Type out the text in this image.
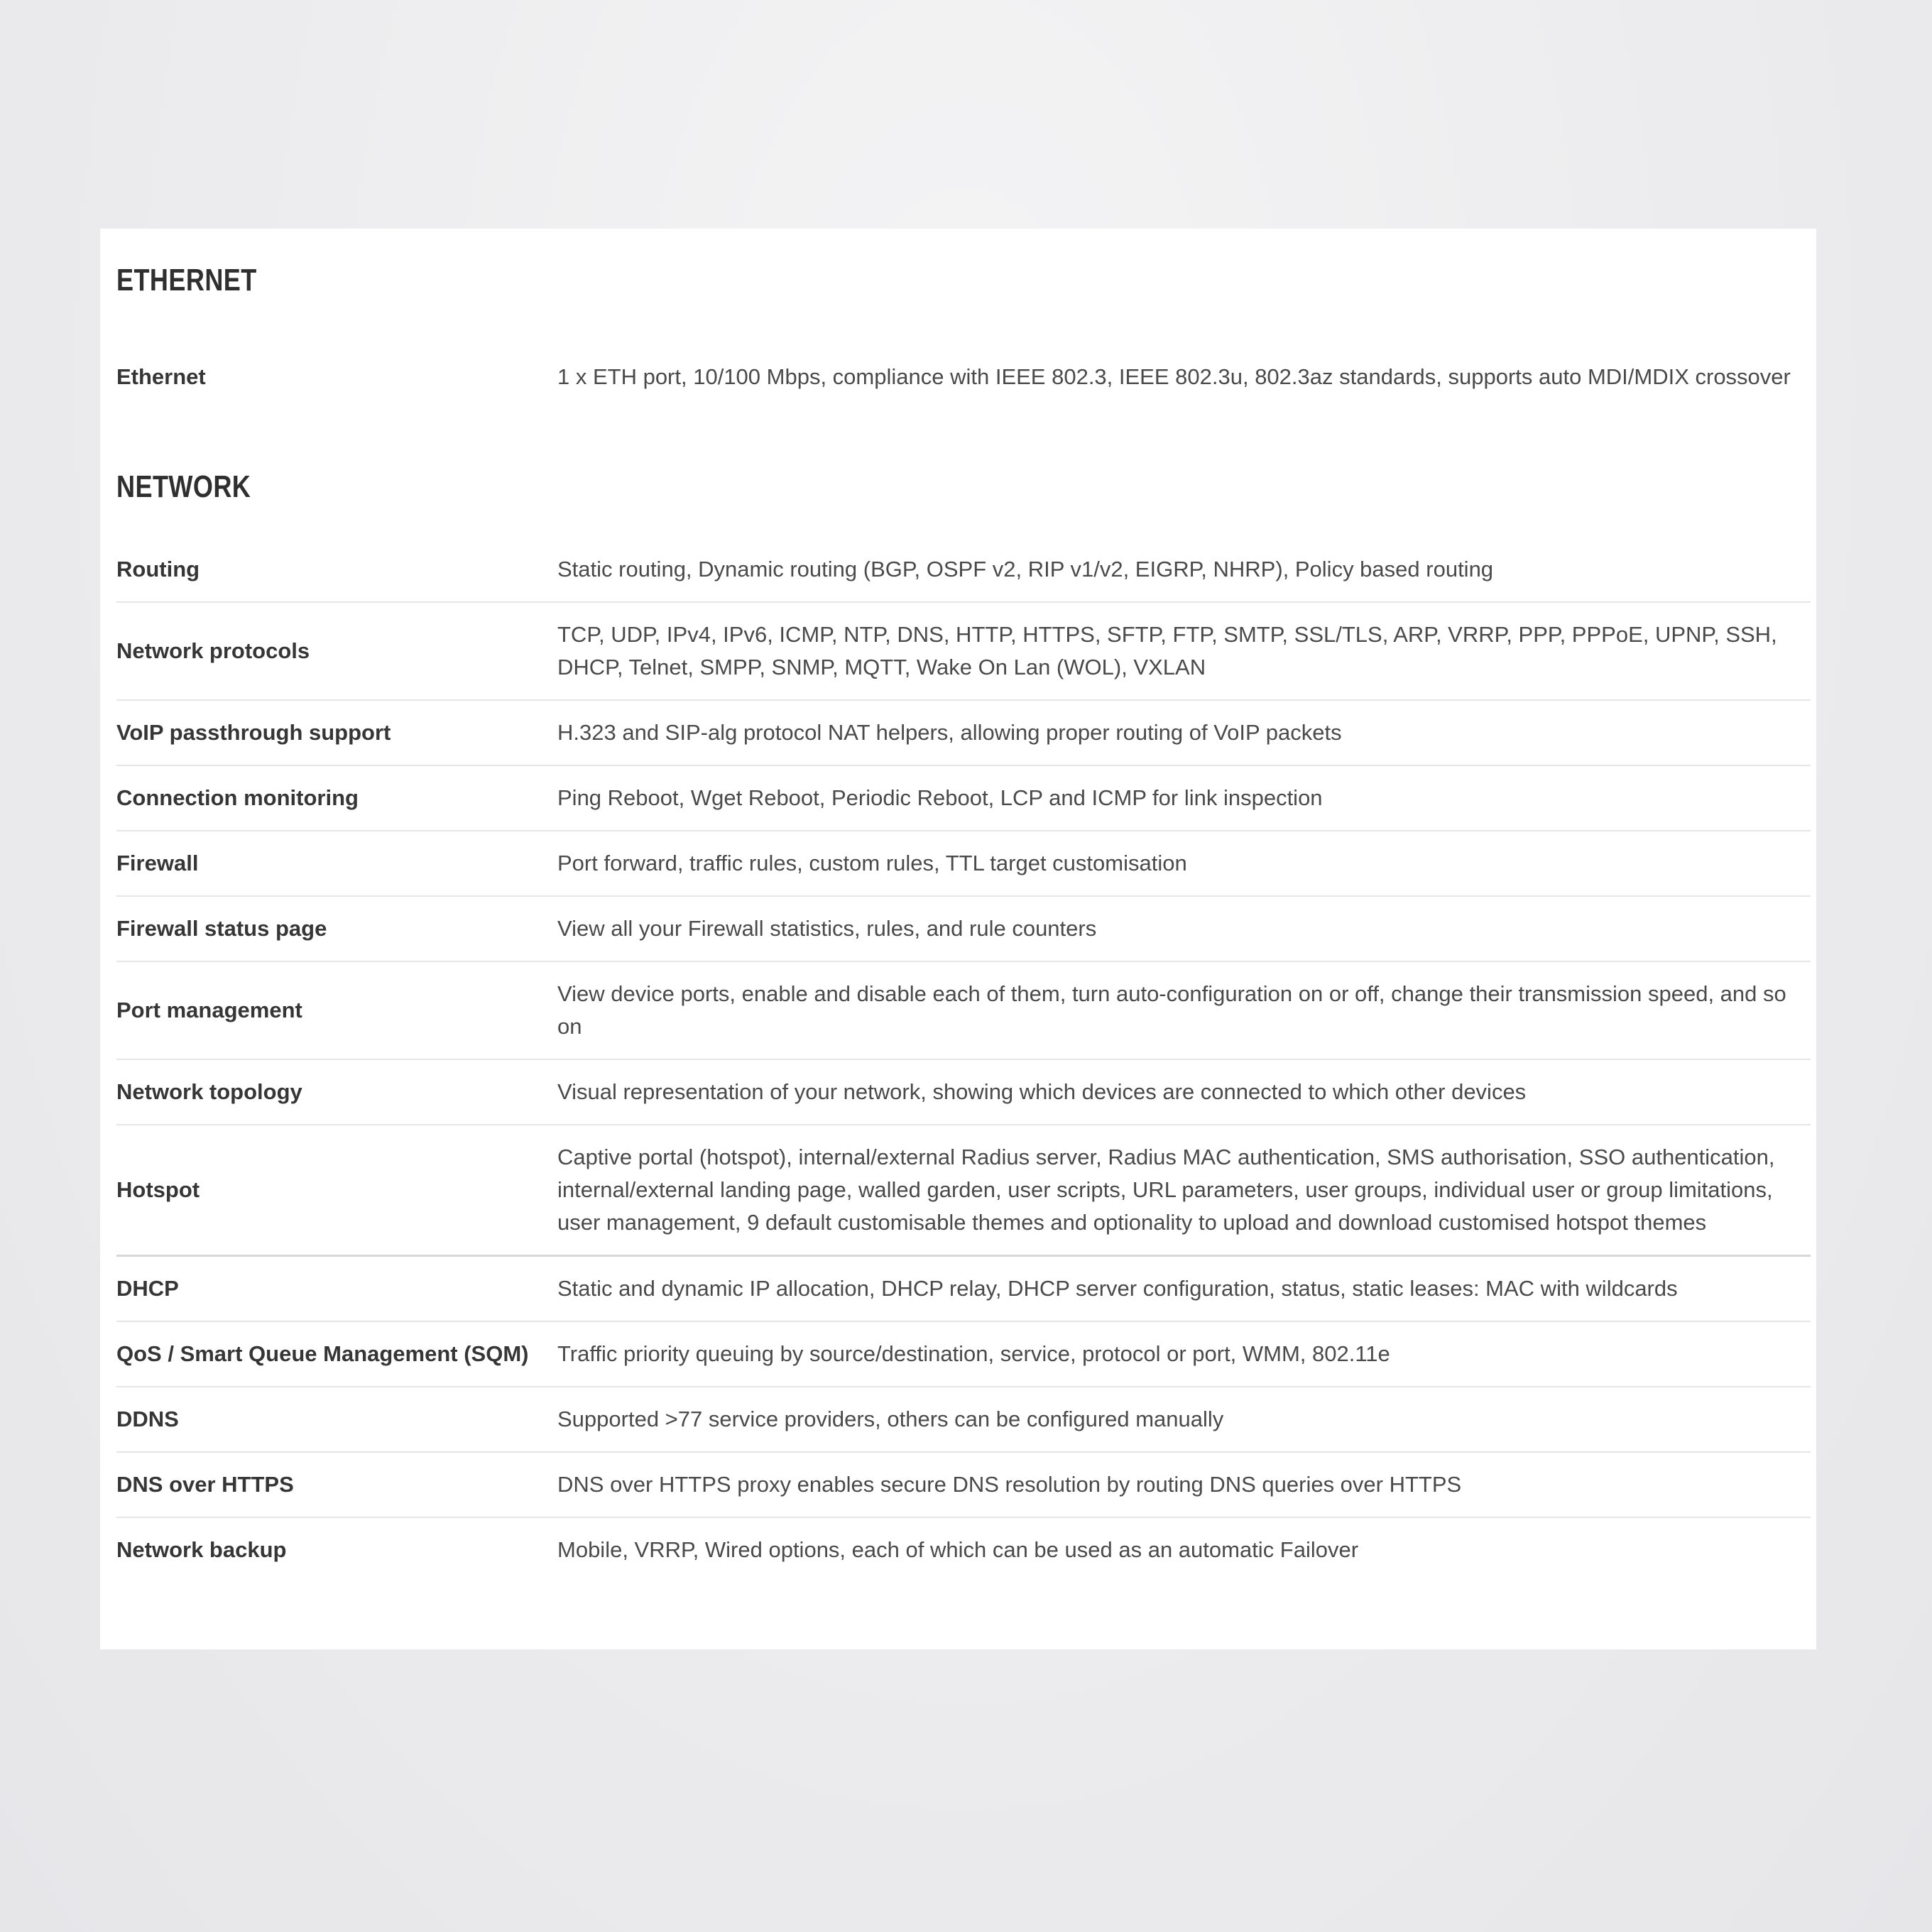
ETHERNET
Ethernet	1 x ETH port, 10/100 Mbps, compliance with IEEE 802.3, IEEE 802.3u, 802.3az standards, supports auto MDI/MDIX crossover
NETWORK
Routing	Static routing, Dynamic routing (BGP, OSPF v2, RIP v1/v2, EIGRP, NHRP), Policy based routing
Network protocols	TCP, UDP, IPv4, IPv6, ICMP, NTP, DNS, HTTP, HTTPS, SFTP, FTP, SMTP, SSL/TLS, ARP, VRRP, PPP, PPPoE, UPNP, SSH, DHCP, Telnet, SMPP, SNMP, MQTT, Wake On Lan (WOL), VXLAN
VoIP passthrough support	H.323 and SIP-alg protocol NAT helpers, allowing proper routing of VoIP packets
Connection monitoring	Ping Reboot, Wget Reboot, Periodic Reboot, LCP and ICMP for link inspection
Firewall	Port forward, traffic rules, custom rules, TTL target customisation
Firewall status page	View all your Firewall statistics, rules, and rule counters
Port management	View device ports, enable and disable each of them, turn auto-configuration on or off, change their transmission speed, and so on
Network topology	Visual representation of your network, showing which devices are connected to which other devices
Hotspot	Captive portal (hotspot), internal/external Radius server, Radius MAC authentication, SMS authorisation, SSO authentication, internal/external landing page, walled garden, user scripts, URL parameters, user groups, individual user or group limitations, user management, 9 default customisable themes and optionality to upload and download customised hotspot themes
DHCP	Static and dynamic IP allocation, DHCP relay, DHCP server configuration, status, static leases: MAC with wildcards
QoS / Smart Queue Management (SQM)	Traffic priority queuing by source/destination, service, protocol or port, WMM, 802.11e
DDNS	Supported >77 service providers, others can be configured manually
DNS over HTTPS	DNS over HTTPS proxy enables secure DNS resolution by routing DNS queries over HTTPS
Network backup	Mobile, VRRP, Wired options, each of which can be used as an automatic Failover
